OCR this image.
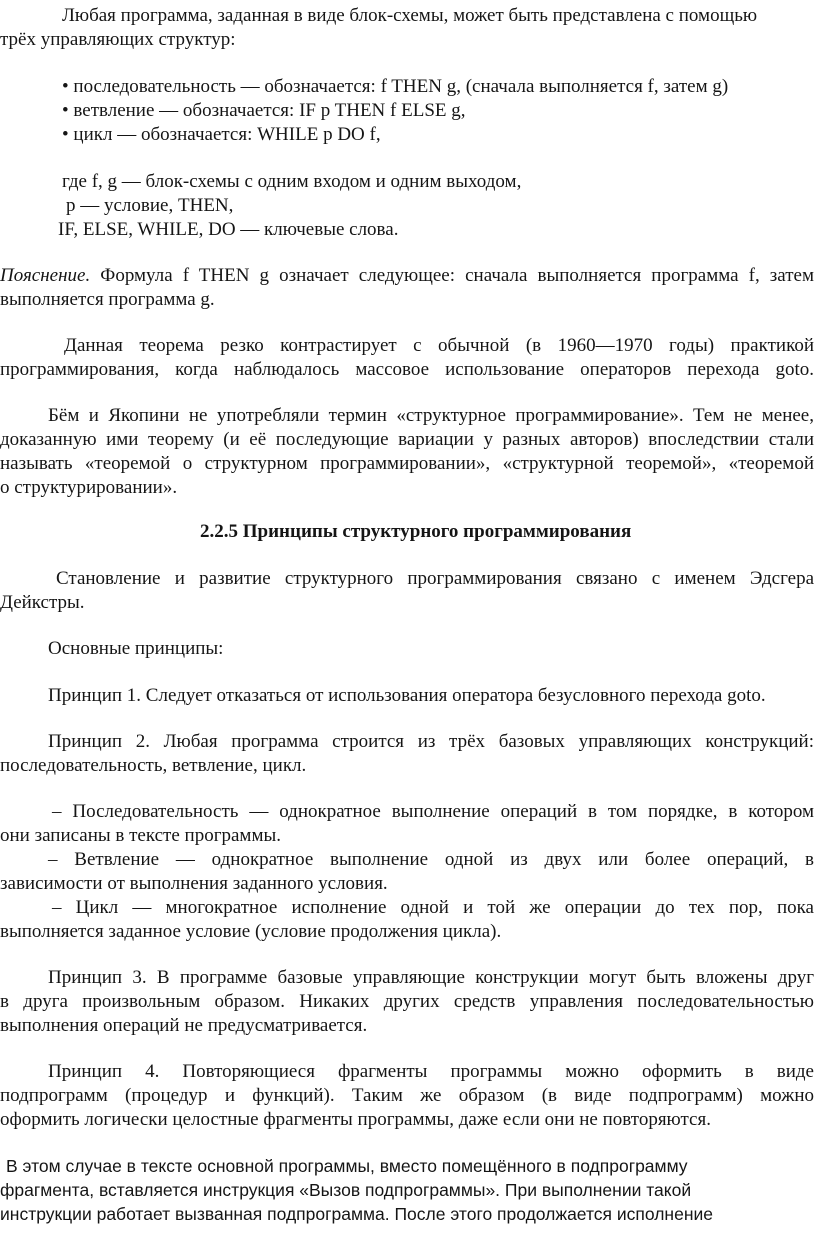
Любая программа, заданная в виде блок-схемы, может быть представлена с помощью
трёх управляющих структур:
• последовательность — обозначается: f THEN g, (сначала выполняется f, затем g)
• ветвление — обозначается: IF p THEN f ELSE g,
• цикл — обозначается: WHILE p DO f,
где f, g — блок-схемы с одним входом и одним выходом,
р — условие, THEN,
IF, ELSE, WHILE, DO — ключевые слова.
Пояснение. Формула f THEN g означает следующее: сначала выполняется программа f, затем
выполняется программа g.
Данная теорема резко контрастирует с обычной (в 1960—1970 годы) практикой
программирования, когда наблюдалось массовое использование операторов перехода goto.
Бём и Якопини не употребляли термин «структурное программирование». Тем не менее,
доказанную ими теорему (и её последующие вариации у разных авторов) впоследствии стали
называть «теоремой о структурном программировании», «структурной теоремой», «теоремой
о структурировании».
2.2.5 Принципы структурного программирования
Становление и развитие структурного программирования связано с именем Эдсгера
Дейкстры.
Основные принципы:
Принцип 1. Следует отказаться от использования оператора безусловного перехода goto.
Принцип 2. Любая программа строится из трёх базовых управляющих конструкций:
последовательность, ветвление, цикл.
– Последовательность — однократное выполнение операций в том порядке, в котором
они записаны в тексте программы.
– Ветвление — однократное выполнение одной из двух или более операций, в
зависимости от выполнения заданного условия.
– Цикл — многократное исполнение одной и той же операции до тех пор, пока
выполняется заданное условие (условие продолжения цикла).
Принцип 3. В программе базовые управляющие конструкции могут быть вложены друг
в друга произвольным образом. Никаких других средств управления последовательностью
выполнения операций не предусматривается.
Принцип 4. Повторяющиеся фрагменты программы можно оформить в виде
подпрограмм (процедур и функций). Таким же образом (в виде подпрограмм) можно
оформить логически целостные фрагменты программы, даже если они не повторяются.
В этом случае в тексте основной программы, вместо помещённого в подпрограмму
фрагмента, вставляется инструкция «Вызов подпрограммы». При выполнении такой
инструкции работает вызванная подпрограмма. После этого продолжается исполнение
